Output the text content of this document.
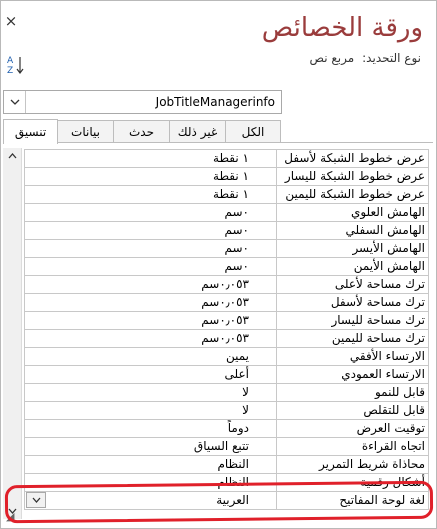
×	ورقة الخصائص
نوع التحديد:مربع نص
A
Z
JobTitleManagerinfo
الكل
غير ذلك
حدث
بيانات
تنسيق
١ نقطة	عرض خطوط الشبكة لأسفل
١ نقطة	عرض خطوط الشبكة لليسار
١ نقطة	عرض خطوط الشبكة لليمين
٠سم	الهامش العلوي
٠سم	الهامش السفلي
٠سم	الهامش الأيسر
٠سم	الهامش الأيمن
٠٫٠٥٣سم	ترك مساحة لأعلى
٠٫٠٥٣سم	ترك مساحة لأسفل
٠٫٠٥٣سم	ترك مساحة لليسار
٠٫٠٥٣سم	ترك مساحة لليمين
يمين	الارتساء الأفقي
أعلى	الارتساء العمودي
لا	قابل للنمو
لا	قابل للتقلص
دوماً	توقيت العرض
تتبع السياق	اتجاه القراءة
النظام	محاذاة شريط التمرير
النظام	أشكال رقمية
العربية	لغة لوحة المفاتيح
◢
